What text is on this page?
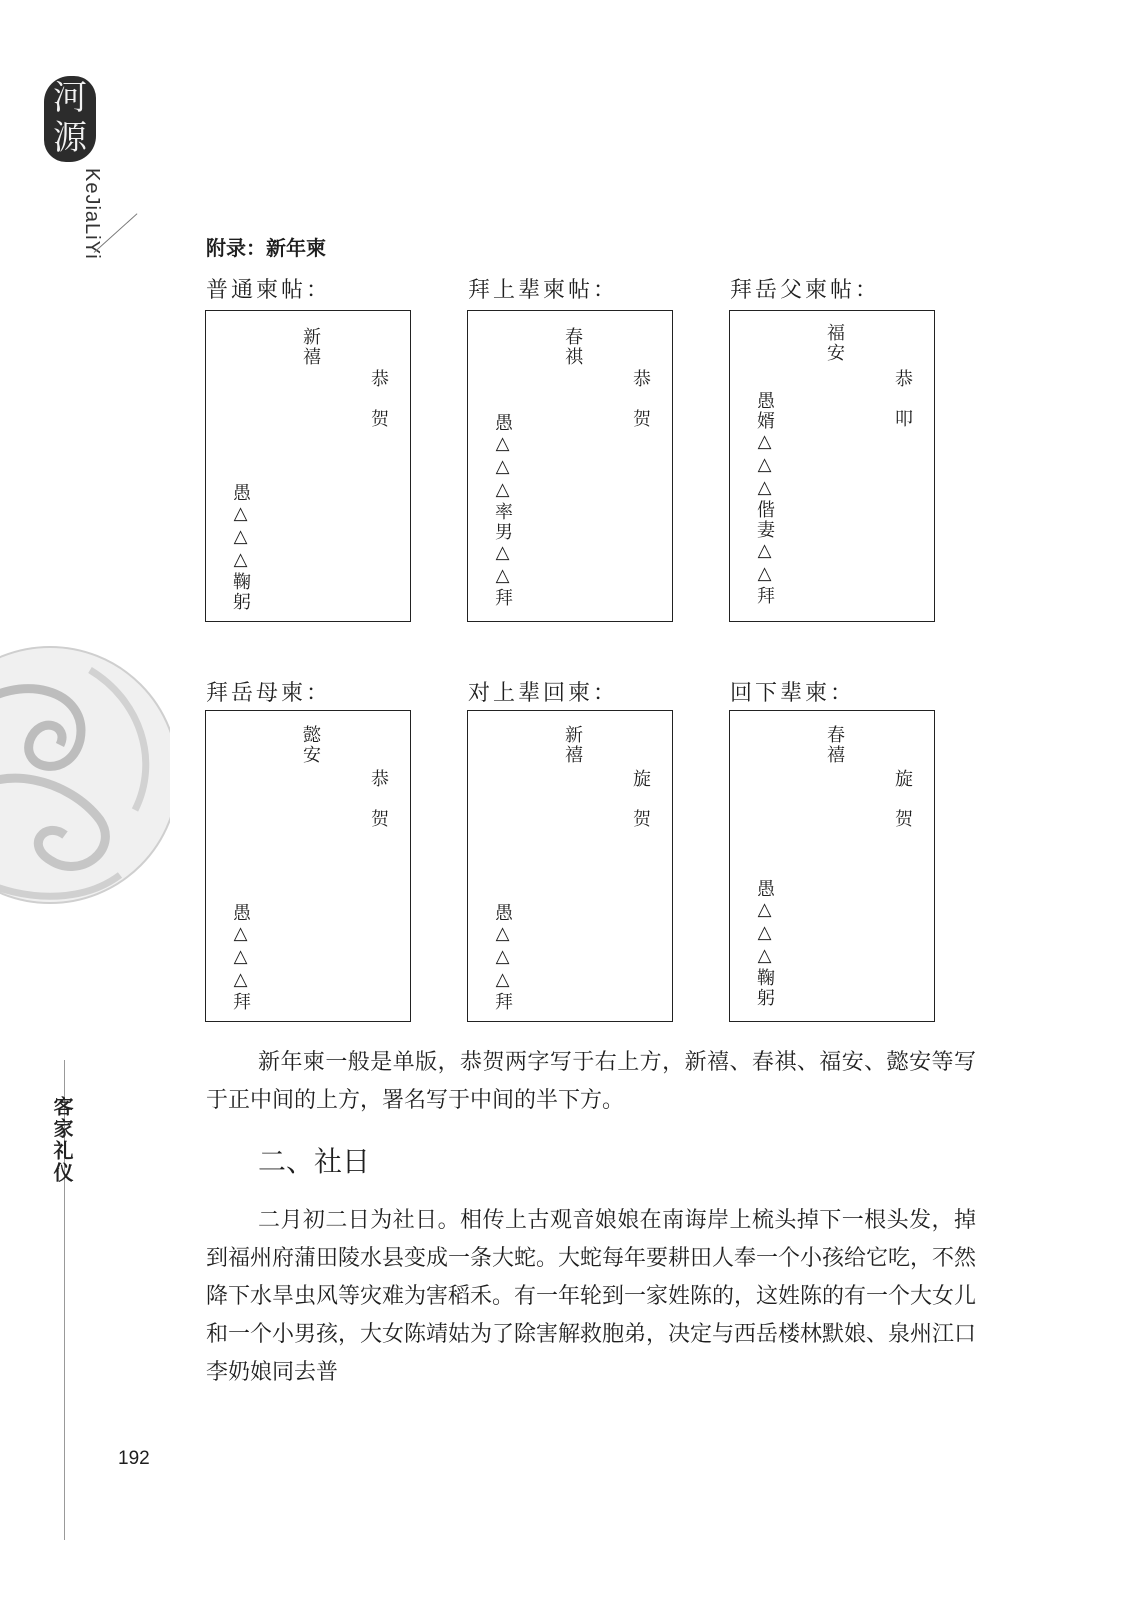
河
源
KeJiaLiYi
客家礼仪
附录：新年柬
普通柬帖：	拜上辈柬帖：	拜岳父柬帖：
新禧
恭贺
愚△△△鞠躬
春祺
恭贺
愚△△△率男△△拜
福安
恭叩
愚婿△△△偕妻△△拜
拜岳母柬：	对上辈回柬：	回下辈柬：
懿安
恭贺
愚△△△拜
新禧
旋贺
愚△△△拜
春禧
旋贺
愚△△△鞠躬

新年柬一般是单版，恭贺两字写于右上方，新禧、春祺、福安、懿安等写于正中间的上方，署名写于中间的半下方。

二、社日

二月初二日为社日。相传上古观音娘娘在南诲岸上梳头掉下一根头发，掉到福州府蒲田陵水县变成一条大蛇。大蛇每年要耕田人奉一个小孩给它吃，不然降下水旱虫风等灾难为害稻禾。有一年轮到一家姓陈的，这姓陈的有一个大女儿和一个小男孩，大女陈靖姑为了除害解救胞弟，决定与西岳楼林默娘、泉州江口李奶娘同去普

192
